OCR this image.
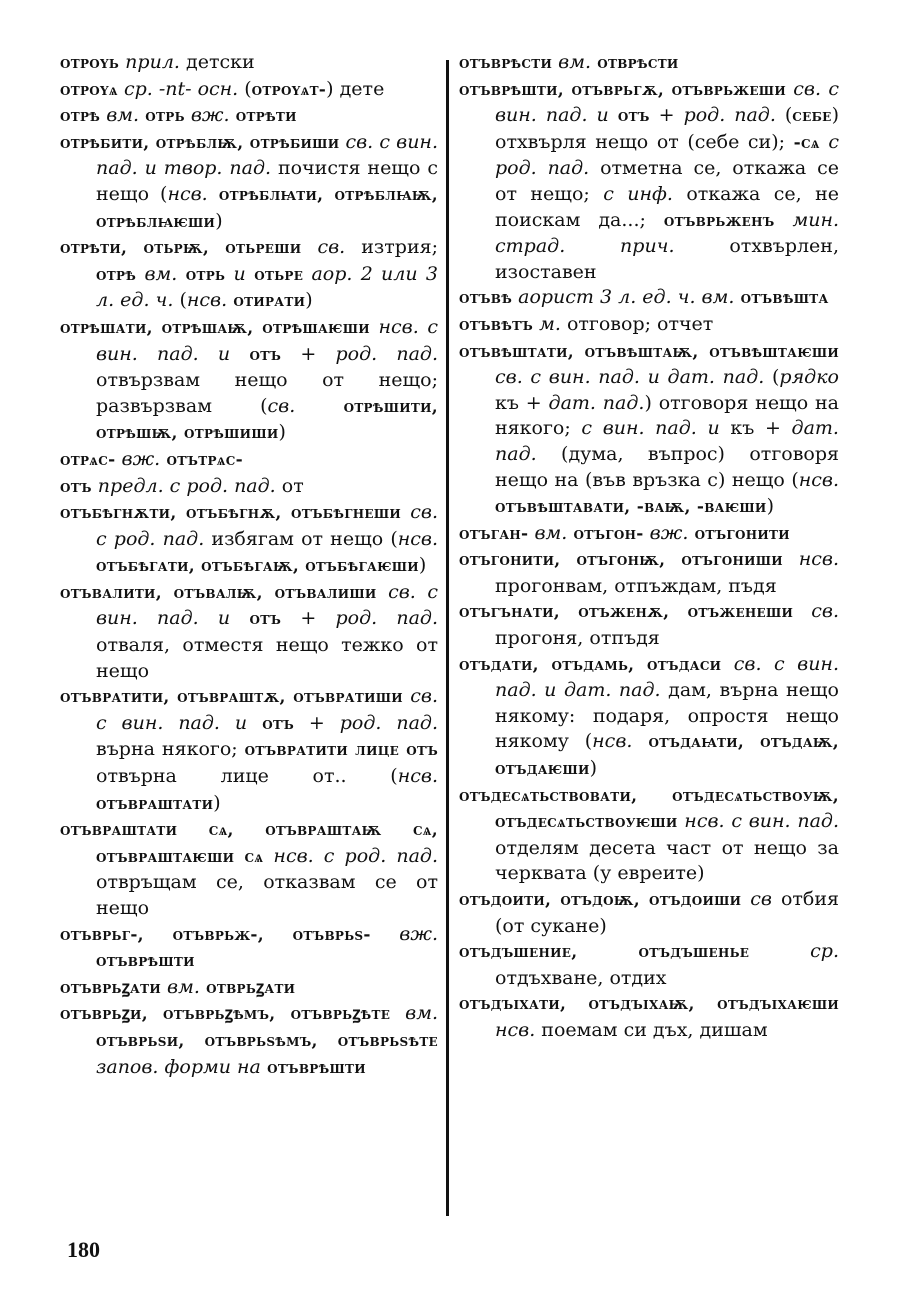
отроүь прил. детски

отроүѧ ср. -nt- осн. (отроүѧт-) дете

отрѣ вм. отрь вж. отрѣти

отрѣбити, отрѣблѭ, отрѣбиши св. с вин. пад. и твор. пад. почистя нещо с нещо (нсв. отрѣблꙗти, отрѣблꙗѭ, отрѣблꙗѥши)

отрѣти, отьрѭ, отьреши св. изтрия; отрѣ вм. отрь и отьре аор. 2 или 3 л. ед. ч. (нсв. отирати)

отрѣшати, отрѣшаѭ, отрѣшаѥши нсв. с вин. пад. и отъ + род. пад. отвързвам нещо от нещо; развързвам (св. отрѣшити, отрѣшѭ, отрѣшиши)

отрѧс- вж. отътрѧс-

отъ предл. с род. пад. от

отъбѣгнѫти, отъбѣгнѫ, отъбѣгнеши св. с род. пад. избягам от нещо (нсв. отъбѣгати, отъбѣгаѭ, отъбѣгаѥши)

отъвалити, отъвалѭ, отъвалиши св. с вин. пад. и отъ + род. пад. отваля, отместя нещо тежко от нещо

отъвратити, отъвраштѫ, отъвратиши св. с вин. пад. и отъ + род. пад. върна някого; отъвратити лице отъ отвърна лице от.. (нсв. отъвраштати)

отъвраштати сѧ, отъвраштаѭ сѧ, отъвраштаѥши сѧ нсв. с род. пад. отвръщам се, отказвам се от нещо

отъврьг-, отъврьж-, отъврьѕ- вж. отъврѣшти

отъврьꙁати вм. отврьꙁати

отъврьꙁи, отъврьꙁѣмъ, отъврьꙁѣте вм. отъврьѕи, отъврьѕѣмъ, отъврьѕѣте запов. форми на отъврѣшти

отъврѣсти вм. отврѣсти

отъврѣшти, отъврьгѫ, отъврьжеши св. с вин. пад. и отъ + род. пад. (себе) отхвърля нещо от (себе си); -сѧ с род. пад. отметна се, откажа се от нещо; с инф. откажа се, не поискам да...; отъврьженъ мин. страд. прич. отхвърлен, изоставен

отъвѣ аорист 3 л. ед. ч. вм. отъвѣшта

отъвѣтъ м. отговор; отчет

отъвѣштати, отъвѣштаѭ, отъвѣштаѥши св. с вин. пад. и дат. пад. (рядко къ + дат. пад.) отговоря нещо на някого; с вин. пад. и къ + дат. пад. (дума, въпрос) отговоря нещо на (във връзка с) нещо (нсв. отъвѣштавати, -ваѭ, -ваѥши)

отъган- вм. отъгон- вж. отъгонити

отъгонити, отъгонѭ, отъгониши нсв. прогонвам, отпъждам, пъдя

отъгънати, отъженѫ, отъженеши св. прогоня, отпъдя

отъдати, отъдамь, отъдаси св. с вин. пад. и дат. пад. дам, върна нещо някому: подаря, опростя нещо някому (нсв. отъдаꙗти, отъдаѭ, отъдаѥши)

отъдесѧтьствовати, отъдесѧтьствоуѭ, отъдесѧтьствоуѥши нсв. с вин. пад. отделям десета част от нещо за черквата (у евреите)

отъдоити, отъдоѭ, отъдоиши св отбия (от сукане)

отъдъшение, отъдъшенье ср. отдъхване, отдих

отъдъıхати, отъдъıхаѭ, отъдъıхаѥши нсв. поемам си дъх, дишам

180
